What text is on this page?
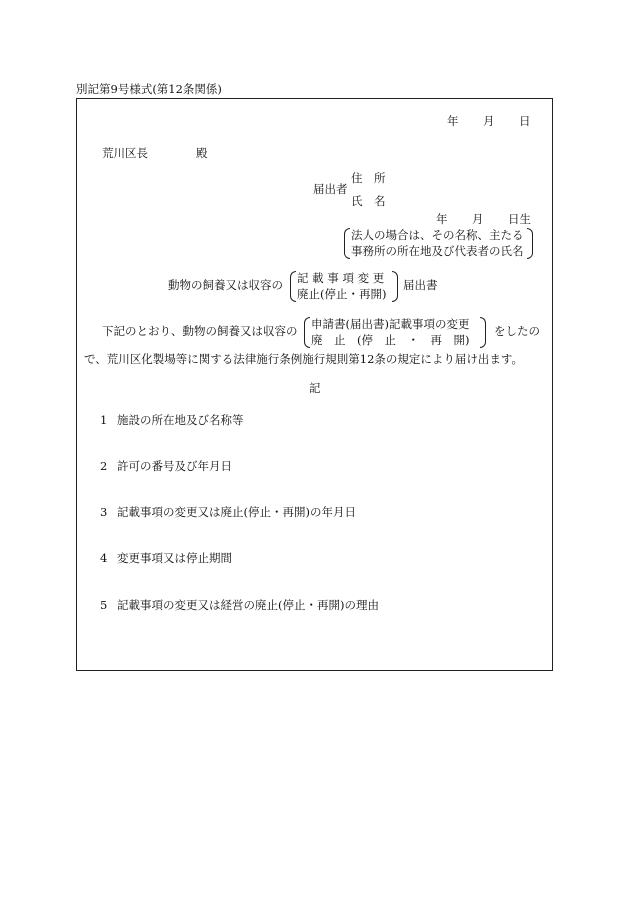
別記第9号様式(第12条関係)
年 月 日
荒川区長	殿
届出者
住　所
氏　名
年 月 日生
法人の場合は、その名称、主たる
事務所の所在地及び代表者の氏名
動物の飼養又は収容の 記 載 事 項 変 更
廃止(停止・再開)
届出書
下記のとおり、動物の飼養又は収容の 申請書(届出書)記載事項の変更
廃　止　(停　止　・　再　開)
をしたの
で、荒川区化製場等に関する法律施行条例施行規則第12条の規定により届け出ます。
記
1 施設の所在地及び名称等
2 許可の番号及び年月日
3 記載事項の変更又は廃止(停止・再開)の年月日
4 変更事項又は停止期間
5 記載事項の変更又は経営の廃止(停止・再開)の理由
